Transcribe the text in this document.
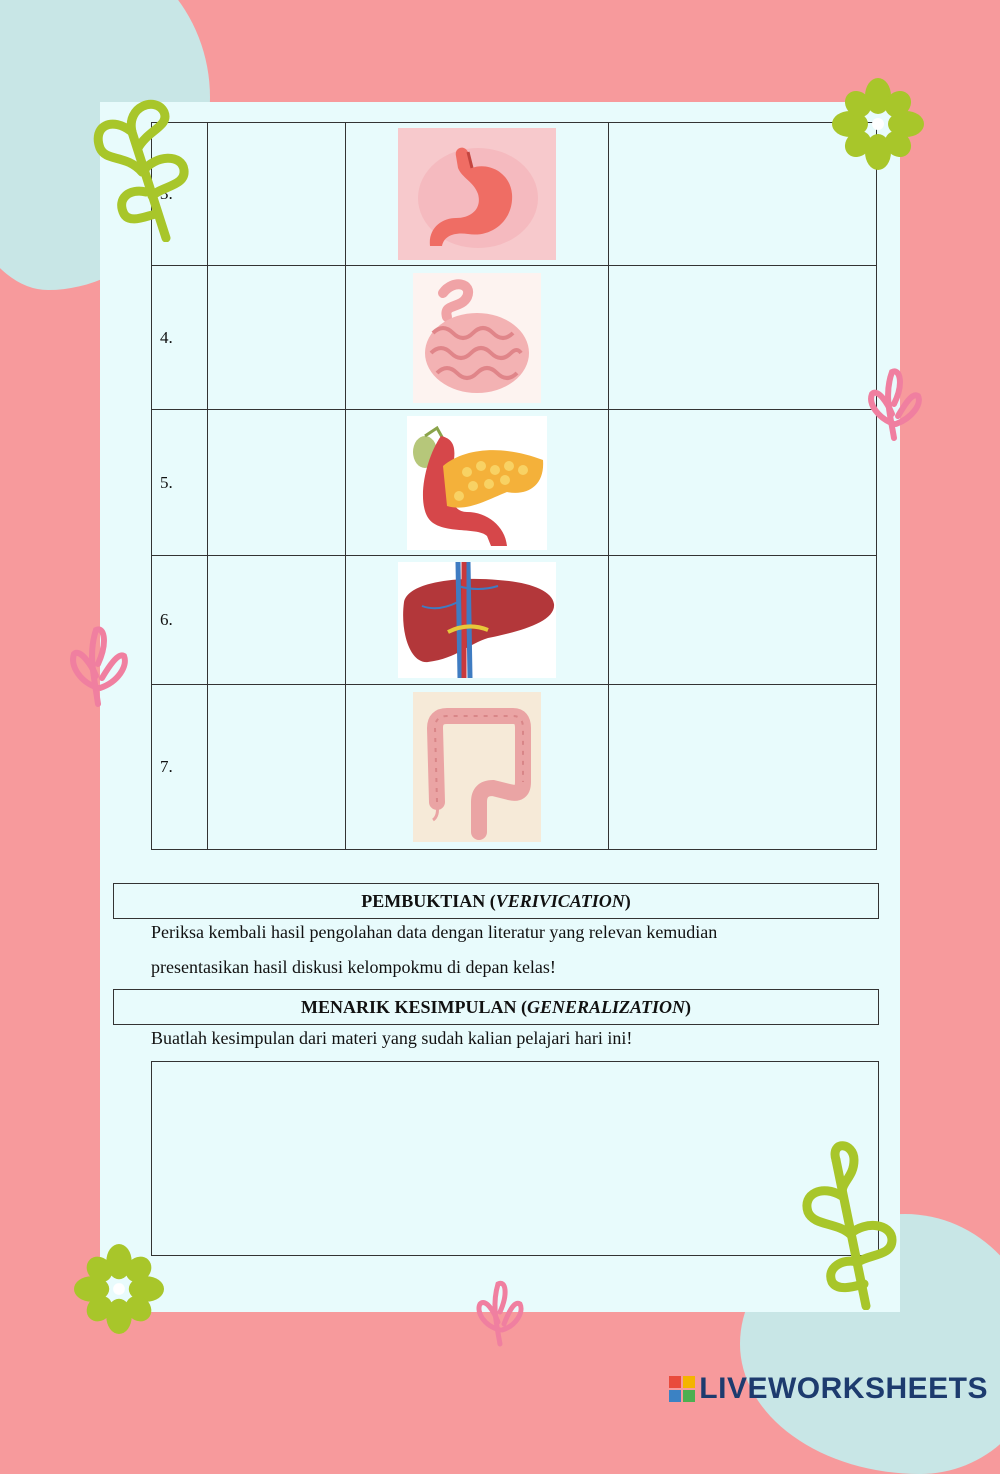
3.		

4.		

5.		

6.		

7.		

PEMBUKTIAN (VERIVICATION)
Periksa kembali hasil pengolahan data dengan literatur yang relevan kemudian
presentasikan hasil diskusi kelompokmu di depan kelas!
MENARIK KESIMPULAN (GENERALIZATION)
Buatlah kesimpulan dari materi yang sudah kalian pelajari hari ini!
LIVEWORKSHEETS
